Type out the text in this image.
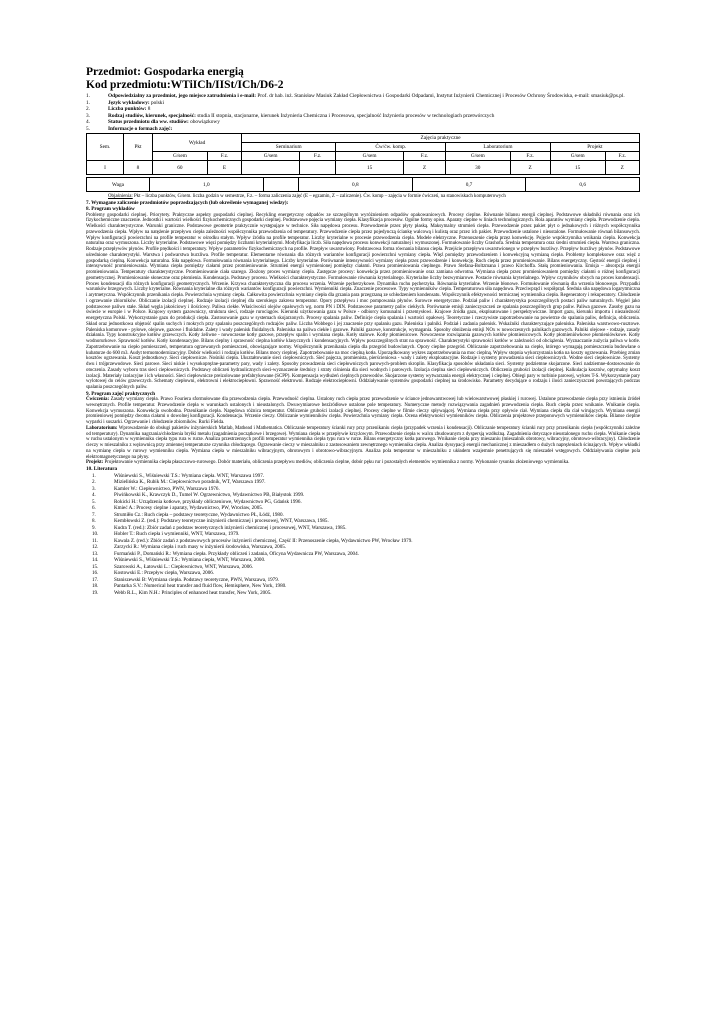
Przedmiot: Gospodarka energią
Kod przedmiotu:WTiICh/IISt/ICh/D6-2
1.	Odpowiedzialny za przedmiot, jego miejsce zatrudnienia i e-mail: Prof. dr hab. inż. Stanisław Masiuk Zakład Ciepłownictwa i Gospodarki Odpadami, Instytut Inżynierii Chemicznej i Procesów Ochrony Środowiska, e-mail: smasiuk@ps.pl.
1.	Język wykładowy: polski
2.	Liczba punktów: 8
3.	Rodzaj studiów, kierunek, specjalność: studia II stopnia, stacjonarne, kierunek Inżynieria Chemiczna i Procesowa, specjalność Inżynieria procesów w technologiach przetwórczych
4.	Status przedmiotu dla ww. studiów: obowiązkowy
5.	Informacje o formach zajęć:
Sem.	Pkt	Wykład		Zajęcia praktyczne							
				Seminarium		Ćw/ćw. komp.		Laboratorium		Projekt	
		G/sem	F.z.	G/sem	F.z.	G/sem	F.z.	G/sem	F.z.	G/sem	F.z.
I	8	60	E			15	Z	30	Z	15	Z
Waga	1,0		0,8	0,7	0,6
Objaśnienia: Pkt – liczba punktów, G/sem. liczba godzin w semestrze, F.z. – forma zaliczenia zajęć (E – egzamin, Z – zaliczenie). Ćw. komp – zajęcia w formie ćwiczeń, na stanowiskach komputerowych
7. Wymagane zaliczenie przedmiotów poprzedzających (lub określenie wymaganej wiedzy):
8. Program wykładów
Problemy gospodarki cieplnej. Priorytety. Praktyczne aspekty gospodarki cieplnej. Recykling energetyczny odpadów ze szczególnym wyróżnieniem odpadów opakowaniowych. Procesy cieplne. Równanie bilansu energii cieplnej. Podstawowe składniki równania oraz ich fizykochemiczne znaczenie. Jednostki i wartości wielkości fizykochemicznych gospodarki cieplnej. Podstawowe pojęcia wymiany ciepła. Klasyfikacja procesów. Ogólne formy opisu. Aparaty cieplne w liniach technologicznych. Rola aparatów wymiany ciepła. Przewodzenie ciepła. Wielkości charakterystyczne. Warunki graniczne. Podstawowe geometrie praktycznie występujące w technice. Siła napędowa procesu. Przewodzenie przez płyty płaską. Maksymalny strumień ciepła. Przewodzenie przez pakiet płyt o jednakowych i różnych współczynnika przewodzenia ciepła. Wpływ na natężenie przepływu ciepła zależności współczynnika przewodzenia od temperatury. Przewodzenie ciepła przez pojedynczą ściankę walcową i kulistą oraz przez ich pakiet. Przewodzenie ustalone i nieustalone. Formułowanie równań bilansowych. Wpływ konfiguracji powierzchni na profile temperatur w ośrodku stałym. Wpływ źródła na profile temperatur. Liczby kryterialne w procesie przewodzenia ciepła. Modele elektryczne. Przenoszenie ciepła przez konwekcję. Pojęcie współczynnika wnikania ciepła. Konwekcja naturalna oraz wymuszona. Liczby kryterialne. Podstawowe więzi pomiędzy liczbami kryterialnymi. Modyfikacja liczb. Siła napędowa procesu konwekcji naturalnej i wymuszonej. Formułowanie liczby Grashofa. Średnia temperatura oraz średni strumień ciepła. Warstwa graniczna. Rodzaje przepływów płynów. Profile prędkości i temperatury. Wpływ parametrów fizykochemicznych na profile. Przepływ uwarstwiony. Podstawowa forma równania bilansu ciepła. Przejście przepływu uwarstwionego w przepływ burzliwy. Przepływ burzliwy płynów. Podstawowe uśrednione charakterystyki. Warstwa i podwarstwa burzliwa. Profile temperatur. Elementarne równania dla różnych wariantów konfiguracji powierzchni wymiany ciepła. Więź pomiędzy przewodzeniem i konwekcyjną wymianą ciepła. Problemy kompleksowe oraz więź z gospodarką cieplną. Konwekcja naturalna. Siła napędowa. Formułowania równania kryterialnego. Liczby kryterialne. Porównanie intensywności wymiany ciepła przez przewodzenie i konwekcję. Ruch ciepła przez promieniowanie. Bilans energetyczny. Gęstość energii cieplnej i intensywność promieniowania. Wymiana ciepła pomiędzy ciałami przez promieniowanie. Strumień energii wymienionej pomiędzy ciałami. Prawa promieniowania cieplnego. Prawo Stefana-Boltzmana i prawo Kirchoffa. Stałą promieniowania. Emisja – absorpcja energii promieniowania. Temperatury charakterystyczne. Promieniowanie ciała szarego. Złożony proces wymiany ciepła. Zastępcze procesy: konwekcja przez promieniowanie oraz zamiana odwrotna. Wymiana ciepła przez promieniowaniem pomiędzy ciałami o różnej konfiguracji geometrycznej. Promieniowanie słoneczne oraz płomienia. Kondensacja. Podstawy procesu. Wielkości charakterystyczne. Formułowanie równania kryterialnego. Kryterialne liczby bezwymiarowe. Postacie równania kryterialnego. Wpływ czynników obcych na proces kondensacji. Proces kondensacji dla różnych konfiguracji geometrycznych. Wrzenie. Krzywa charakterystyczna dla procesu wrzenia. Wrzenie pęcherzykowe. Dynamika ruchu pęcherzyka. Równania kryterialne. Wrzenie błonowe. Formułowanie równania dla wrzenia błonowego. Przypadki warunków brzegowych. Liczby kryterialne. Równania kryterialne dla różnych wariantów konfiguracji powierzchni. Wymienniki ciepła. Znaczenie procesowe. Typy wymienników ciepła. Temperaturowa siła napędowa. Przeciwprąd i współprąd. Średnia siła napędowa logarytmiczna i arytmetyczna. Współczynnik przenikania ciepła. Powierzchnia wymiany ciepła. Całkowita powierzchnia wymiany ciepła dla grzania para przegrzaną ze schłodzeniem kondensatu. Współczynnik efektywności termicznej wymiennika ciepła. Regeneratory i rekuperatory. Chłodzenie i ogrzewanie zbiorników. Obliczanie izolacji cieplnej. Rodzaje izolacji cieplnej dla szerokiego zakresu temperatur. Opory przepływu i moc pompowania płynów. Surowce energetyczne. Podział paliw i charakterystyka poszczególnych postaci paliw naturalnych. Węgiel jako podstawowe paliwo stałe. Skład węgla jakościowy i ilościowy. Paliwa ciekłe. Właściwości olejów opałowych wg. norm PN i DIN. Podstawowe parametry paliw ciekłych. Porównanie emisji zanieczyszczeń ze spalania poszczególnych grup paliw. Paliwa gazowe. Zasoby gazu na świecie w europie i w Polsce. Krajowy system gazowniczy, struktura sieci, rodzaje rurociągów. Kierunki użytkowania gazu w Polsce - odbiorcy komunalni i przemysłowi. Krajowe źródła gazu, eksploatowane i perspektywiczne. Import gazu, kierunki importu i niezależność energetyczna Polski. Wykorzystanie gazu do produkcji ciepła. Zastosowanie gazu w systemach skojarzonych. Procesy spalania paliw. Definicje ciepła spalania i wartości opałowej. Teoretyczne i rzeczywiste zapotrzebowanie na powietrze do spalania paliw, definicja, obliczenia. Skład oraz jednostkowa objętość spalin suchych i mokrych przy spalaniu poszczególnych rodzajów paliw. Liczba Wobbego i jej znaczenie przy spalaniu gazu. Paleniska i palniki. Podział i zadania palenisk. Wskaźniki charakteryzujące paleniska. Paleniska warstwowo-rusztowe. Paleniska komorowe - pyłowe, olejowe, gazowe i fluidalne. Zalety i wady palenisk fluidalnych. Paleniska na paliwa ciekłe i gazowe. Palniki gazowe, konstrukcje, wymagania. Sposoby obniżenia emisji NOx w nowoczesnych palnikach gazowych. Palniki olejowe - rodzaje, zasady działania. Typy konstrukcyjne kotłów grzewczych. Kotły żeliwne - nowoczesne kotły gazowe, przepływ spalin i wymiana ciepła. Kotły stalowe. Kotły płomienicowe. Nowoczesne rozwiązania gazowych kotłów płomienicowych. Kotły płomieniówkowe płomieniówkowe. Kotły wodnorurkowe. Sprawność kotłów. Kotły kondensacyjne. Bilans cieplny i sprawność cieplna kotłów klasycznych i kondensacyjnych. Wpływ poszczególnych strat na sprawność. Charakterystyki sprawności kotłów w zależności od obciążenia. Wyznaczanie zużycia paliwa w kotle. Zapotrzebowanie na ciepło pomieszczeń, temperatura ogrzewanych pomieszczeń, obowiązujące normy. Współczynnik przenikania ciepła dla przegród budowlanych. Opory cieplne przegród. Obliczanie zapotrzebowania na ciepło, którego wymagają pomieszczenia budowlane o kubaturze do 600 m3. Audyt termomodernizacyjny. Dobór wielkości i rodzaju kotłów. Bilans mocy cieplnej. Zapotrzebowanie na moc cieplną kotła. Uporządkowany wykres zapotrzebowania na moc cieplną. Wpływ stopnia wykorzystania kotła na koszty ogrzewania. Przebieg zmian kosztów ogrzewania. Koszt jednostkowy. Sieci ciepłownicze. Nośniki ciepła. Ukształtowanie sieci ciepłowniczych. Sieć pajęcza, promienista, pierścieniowa - wady i zalety eksploatacyjne. Rodzaje i systemy prowadzenia sieci ciepłowniczych. Wodne sieci ciepłownicze. Systemy dwu i trójprzewodowe. Sieci parowe. Sieci niskie i wysokoprężne-parametry pary, wady i zalety. Sposoby prowadzenia sieci ciepłowniczych parowych-problem skroplin. Klasyfikacja sposobów układania sieci. Systemy podziemne skojarzone. Sieci nadziemne-dostosowanie do otoczenia. Zasady wyboru tras sieci ciepłowniczych. Podstawy obliczeń hydraulicznych sieci-wyznaczenie średnicy i straty ciśnienia dla sieci wodnych i parowych. Izolacja cieplna sieci ciepłowniczych. Obliczenia grubości izolacji cieplnej. Kalkulacja kosztów, optymalny koszt izolacji. Materiały izolacyjne i ich własności. Sieci ciepłownicze preizolowane prefabrykowane (SCPP). Kompensacja wydłużeń cieplnych przewodów. Skojarzone systemy wytwarzania energii elektrycznej i cieplnej. Obiegi pary w turbinie parowej, wykres T-S. Wykorzystanie pary wylotowej do celów grzewczych. Schematy ciepłowni, elektrowni i elektrociepłowni. Sprawność elektrowni. Rodzaje elektrociepłowni. Oddziaływanie systemów gospodarki cieplnej na środowisko. Parametry decydujące o rodzaju i ilości zanieczyszczeń powstających podczas spalania poszczególnych paliw.
9. Program zajęć praktycznych
Ćwiczenia: Zasady wymiany ciepła. Prawo Fouriera sformułowane dla przewodzenia ciepła. Przewodność cieplna. Ustalony ruch ciepła przez przewodzenie w ściance jednowarstwowej lub wielowarstwowej płaskiej i rurowej. Ustalone przewodzenie ciepła przy istnieniu źródeł wewnętrznych. Profile temperatur. Przewodzenie ciepła w warunkach ustalonych i nieustalonych. Dwuwymiarowe bezźródłowe ustalone pole temperatury. Numeryczne metody rozwiązywania zagadnień przewodzenia ciepła. Ruch ciepła przez wnikanie. Wnikanie ciepła. Konwekcja wymuszona. Konwekcja swobodna. Przenikanie ciepła. Napędowa różnica temperatur. Obliczenie grubości izolacji cieplnej. Procesy cieplne w filmie cieczy spływającej. Wymiana ciepła przy opływie ciał. Wymiana ciepła dla ciał wirujących. Wymiana energii promieniowej pomiędzy dwoma ciałami o dowolnej konfiguracji. Kondensacja. Wrzenie cieczy. Obliczanie wymienników ciepła. Powierzchnia wymiany ciepła. Ocena efektywności wymienników ciepła. Obliczenia projektowe przeponowych wymienników ciepła. Bilanse cieplne wyparki i suszarki. Ogrzewanie i chłodzenie zbiorników. Rurki Fielda.
Laboratorium: Wprowadzenie do obsługi pakietów inżynierskich Matlab, Mathead i Mathematica. Obliczanie temperatury ścianki rury przy przenikaniu ciepła (przypadek wrzenia i kondensacji). Obliczanie temperatury ścianki rury przy przenikaniu ciepła (współczynniki zależne od temperatury). Dynamika nagrzania/chłodzenia bryłki metalu (zagadnienia początkowe i brzegowe). Wymiana ciepła w przepływie krzyżowym. Przewodzenie ciepła w walcu zbudowanym z dyspersją wzdłużną. Zagadnienia dotyczące nieustalonego ruchu ciepła. Wnikanie ciepła w ruchu ustalonym w wymienniku ciepła typu rura w rurze. Analiza przestrzennych profili temperatur wymiennika ciepła typu rura w rurze. Bilans energetyczny kotła parowego. Wnikanie ciepła przy mieszaniu (mieszalnik obrotowy, wibracyjny, obrotowo-wibracyjny). Chłodzenie cieczy w mieszalniku z wężownicą przy zmiennej temperaturze czynnika chłodzącego. Ogrzewanie cieczy w mieszalniku z zastosowaniem zewnętrznego wymiennika ciepła. Analiza dyssypacji energii mechanicznej z mieszadłem o dużych naprężeniach ścinających. Wpływ wkładki na wymianę ciepła w rurowy wymienniku ciepła. Wymiana ciepła w mieszalniku wibracyjnym, obrotowym i obrotowo-wibracyjnym. Analiza pola temperatur w mieszalniku z układem wzajemnie penetrujących się mieszadeł wstęgowych. Oddziaływania ciepłne pola elektromagnetycznego na płyny.
Projekt: Projektowanie wymiennika ciepła płaszczowo-rurowego. Dobór materiału, obliczenia przepływu mediów, obliczenia cieplne, dobór pęku rur i pozostałych elementów wymiennika z normy. Wykonanie rysunku złożeniowego wymiennika.
10. Literatura
1.	Wiśniewski S., Wiśniewski T.S.: Wymiana ciepła. WNT, Warszawa 1997.
2.	Mizielińska K., Rubik M.: Ciepłownictwo poradnik, WT, Warszawa 1997.
3.	Kamler W.: Ciepłownictwo, PWN, Warszawa 1976.
4.	Piwińkowski K., Krawczyk D., Tumel W. Ogrzewnictwo, Wydawnictwo PB, Białystok 1999.
5.	Rokicki H.: Urządzenia kotłowe, przykłady obliczeniowe, Wydawnictwo PG, Gdańsk 1996.
6.	Kmieć A.: Procesy cieplne i aparaty, Wydawnictwo, PW, Wrocław, 2005.
7.	Strumiłło Cz.: Ruch ciepła – podstawy teoretyczne, Wydawnictwo PŁ, Łódź, 1980.
8.	Kembłowski Z. (red.): Podstawy teoretyczne inżynierii chemicznej i procesowej, WNT, Warszawa, 1985.
9.	Kudra T. (red.): Zbiór zadań z podstaw teoretycznych inżynierii chemicznej i procesowej, WNT, Warszawa, 1985.
10.	Hobler T.: Ruch ciepła i wymienniki, WNT, Warszawa, 1979.
11.	Kawala Z. (red.): Zbiór zadań z podstawowych procesów inżynierii chemicznej, Część II: Przenoszenie ciepła, Wydawnictwo PW, Wrocław 1979.
12.	Zarzycki R.: Wymiana ciepła i ruch masy w inżynierii środowiska, Warszawa, 2005.
13.	Furmański P., Domański R.: Wymiana ciepła. Przykłady obliczeń i zadania, Oficyna Wydawnicza PW, Warszawa, 2004.
14.	Wiśniewski S., Wiśniewski T.S.: Wymiana ciepła, WNT, Warszawa, 2000.
15.	Szarowski A., Łatowski L.: Ciepłownictwo, WNT, Warszawa, 2006.
16.	Kostowski E.: Przepływ ciepła, Warszawa, 2006.
17.	Staniszewski B: Wymiana ciepła. Podstawy teoretyczne, PWN, Warszawa, 1979.
18.	Pantarka S.V.: Numerical heat transfer and fluid flow, Hemisphere, New York, 1980.
19.	Webb R.L., Kim N.H.: Principles of enhanced heat transfer, New York, 2005.
